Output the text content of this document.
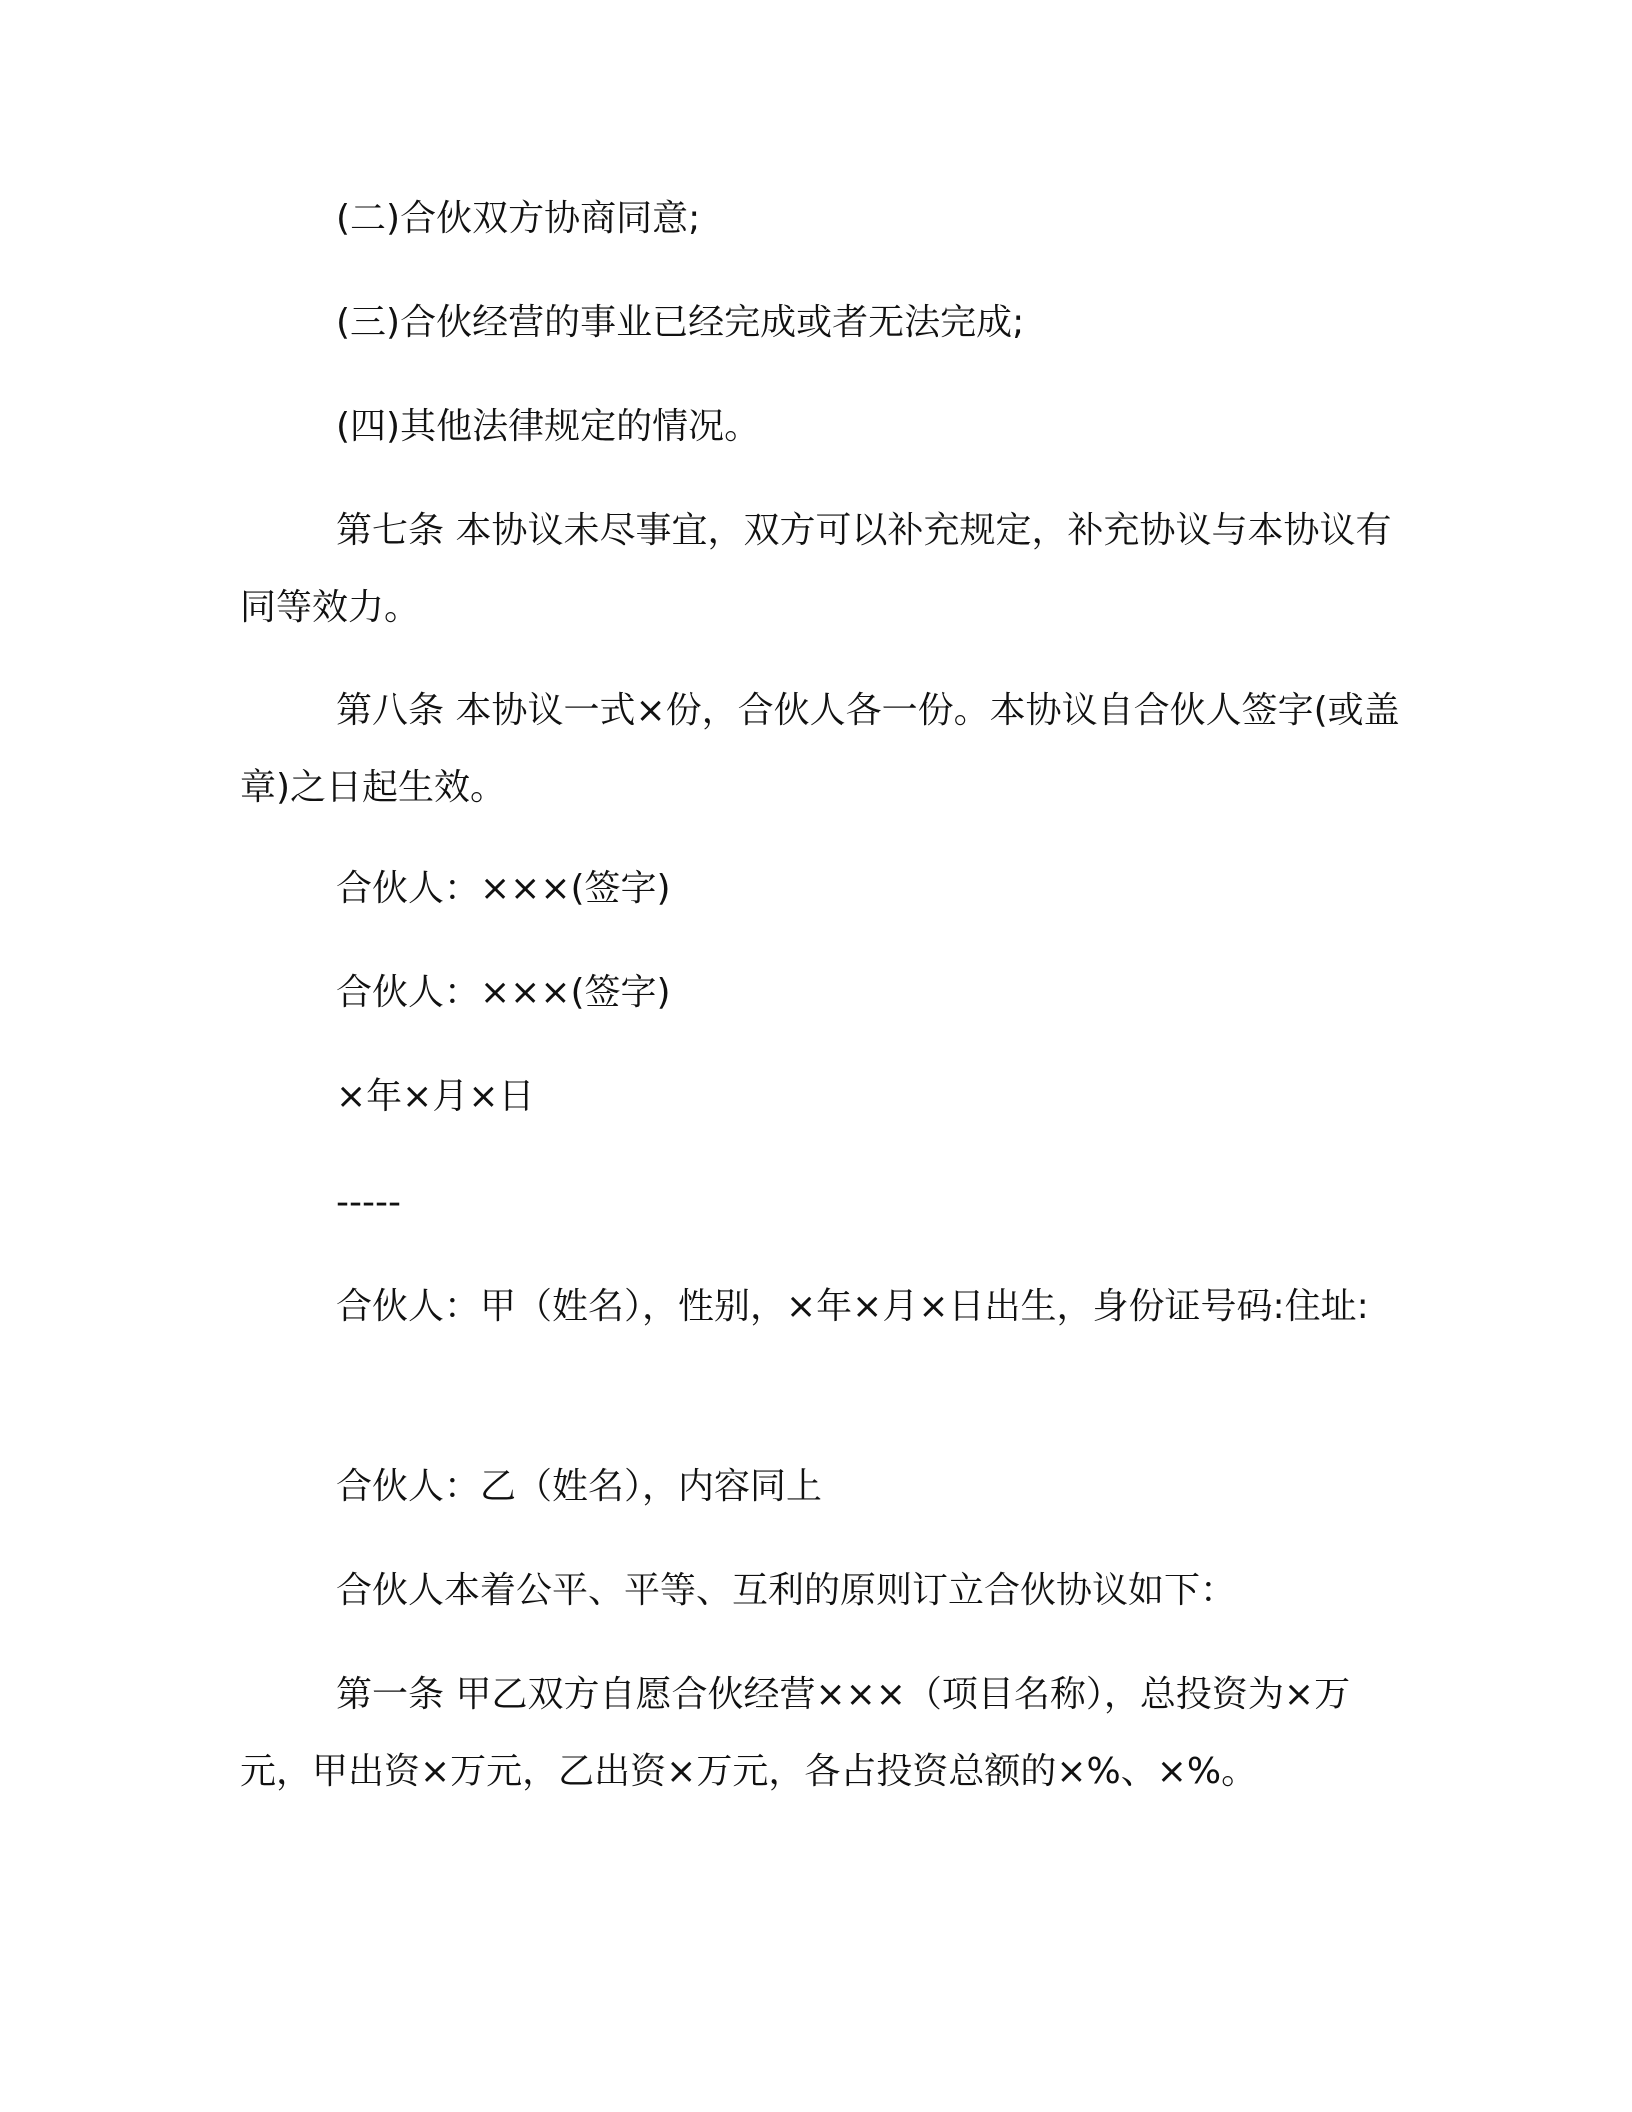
(二)合伙双方协商同意;

(三)合伙经营的事业已经完成或者无法完成;

(四)其他法律规定的情况。

第七条 本协议未尽事宜，双方可以补充规定，补充协议与本协议有同等效力。

第八条 本协议一式×份，合伙人各一份。本协议自合伙人签字(或盖章)之日起生效。

合伙人：×××(签字)

合伙人：×××(签字)

×年×月×日

-----

合伙人：甲（姓名），性别，×年×月×日出生，身份证号码:住址:

合伙人：乙（姓名），内容同上

合伙人本着公平、平等、互利的原则订立合伙协议如下：

第一条 甲乙双方自愿合伙经营×××（项目名称），总投资为×万元，甲出资×万元，乙出资×万元，各占投资总额的×%、×%。
